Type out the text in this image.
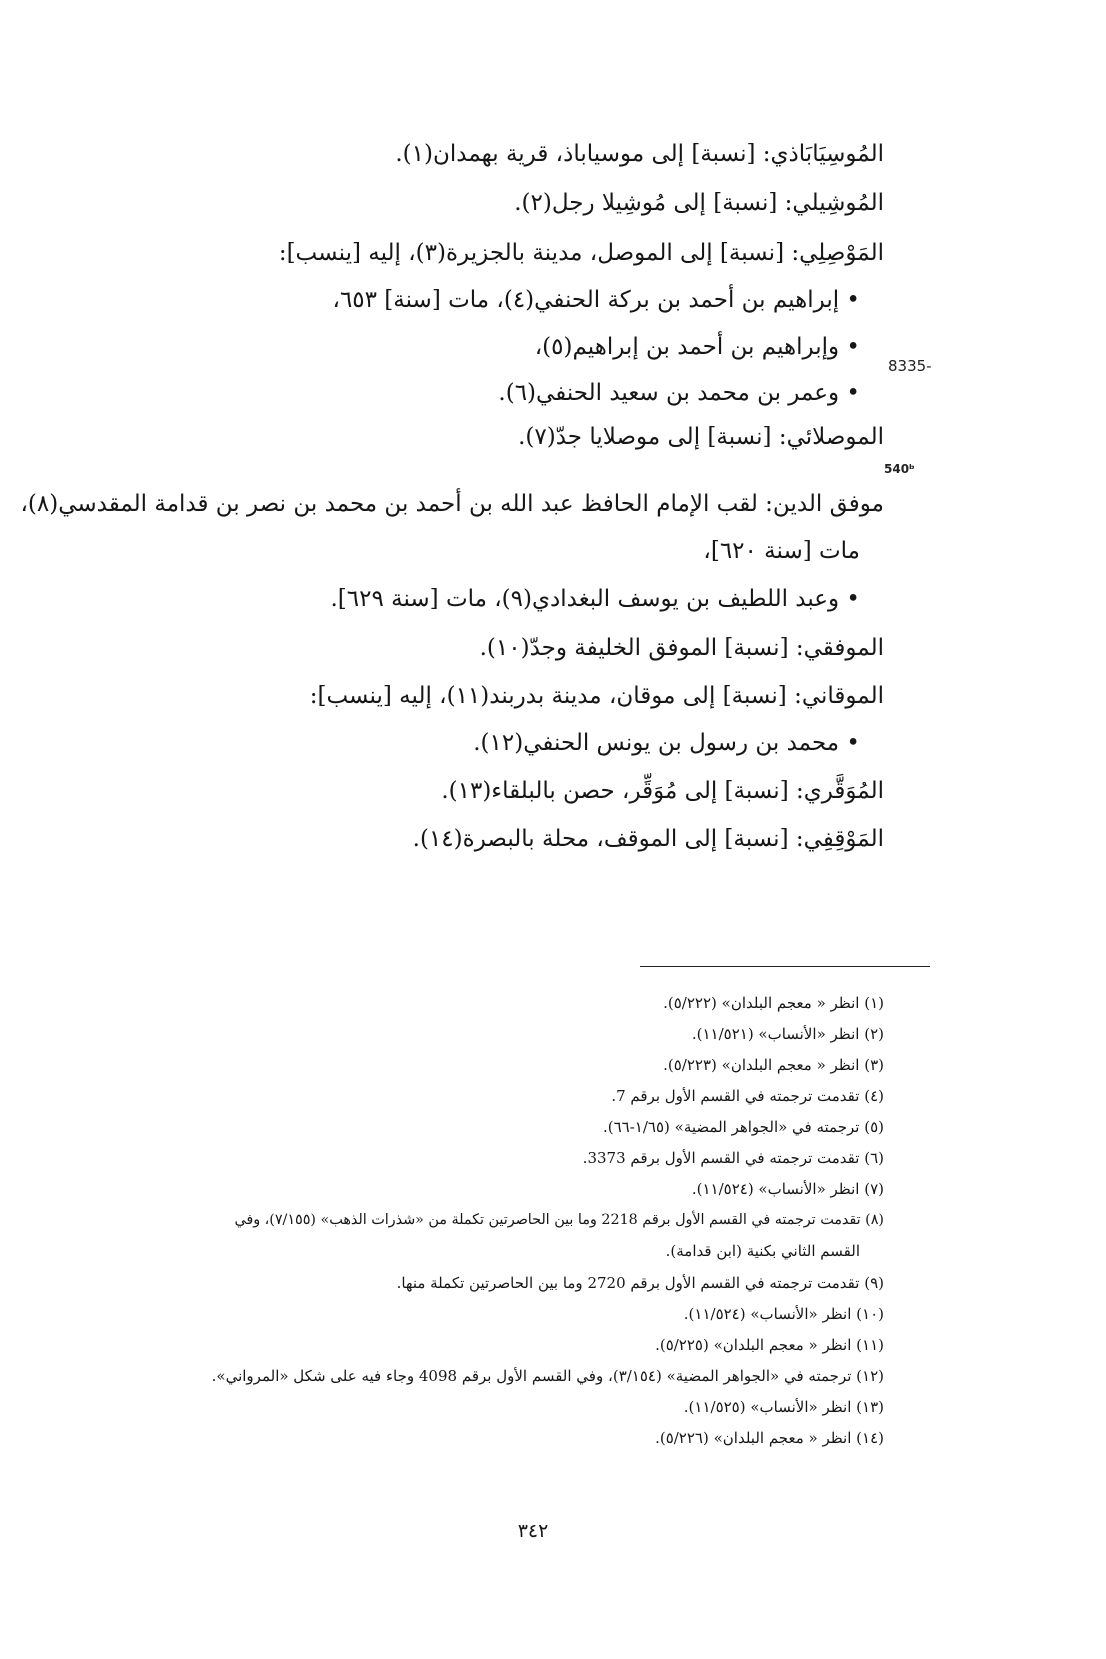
المُوسِيَابَاذي: [نسبة] إلى موسياباذ، قرية بهمدان(١).
المُوشِيلي: [نسبة] إلى مُوشِيلا رجل(٢).
المَوْصِلِي: [نسبة] إلى الموصل، مدينة بالجزيرة(٣)، إليه [ينسب]:
• إبراهيم بن أحمد بن بركة الحنفي(٤)، مات [سنة] ٦٥٣،
• وإبراهيم بن أحمد بن إبراهيم(٥)،
• وعمر بن محمد بن سعيد الحنفي(٦).
الموصلائي: [نسبة] إلى موصلايا جدّ(٧).
موفق الدين: لقب الإمام الحافظ عبد الله بن أحمد بن محمد بن نصر بن قدامة المقدسي(٨)،
مات [سنة ٦٢٠]،
• وعبد اللطيف بن يوسف البغدادي(٩)، مات [سنة ٦٢٩].
الموفقي: [نسبة] الموفق الخليفة وجدّ(١٠).
الموقاني: [نسبة] إلى موقان، مدينة بدربند(١١)، إليه [ينسب]:
• محمد بن رسول بن يونس الحنفي(١٢).
المُوَقَّري: [نسبة] إلى مُوَقِّر، حصن بالبلقاء(١٣).
المَوْقِفِي: [نسبة] إلى الموقف، محلة بالبصرة(١٤).
8335-
540ᵇ
(١) انظر « معجم البلدان» (٥/٢٢٢).
(٢) انظر «الأنساب» (١١/٥٢١).
(٣) انظر « معجم البلدان» (٥/٢٢٣).
(٤) تقدمت ترجمته في القسم الأول برقم 7.
(٥) ترجمته في «الجواهر المضية» (١/٦٥-٦٦).
(٦) تقدمت ترجمته في القسم الأول برقم 3373.
(٧) انظر «الأنساب» (١١/٥٢٤).
(٨) تقدمت ترجمته في القسم الأول برقم 2218 وما بين الحاصرتين تكملة من «شذرات الذهب» (٧/١٥٥)، وفي
القسم الثاني بكنية (ابن قدامة).
(٩) تقدمت ترجمته في القسم الأول برقم 2720 وما بين الحاصرتين تكملة منها.
(١٠) انظر «الأنساب» (١١/٥٢٤).
(١١) انظر « معجم البلدان» (٥/٢٢٥).
(١٢) ترجمته في «الجواهر المضية» (٣/١٥٤)، وفي القسم الأول برقم 4098 وجاء فيه على شكل «المرواني».
(١٣) انظر «الأنساب» (١١/٥٢٥).
(١٤) انظر « معجم البلدان» (٥/٢٢٦).
٣٤٢
